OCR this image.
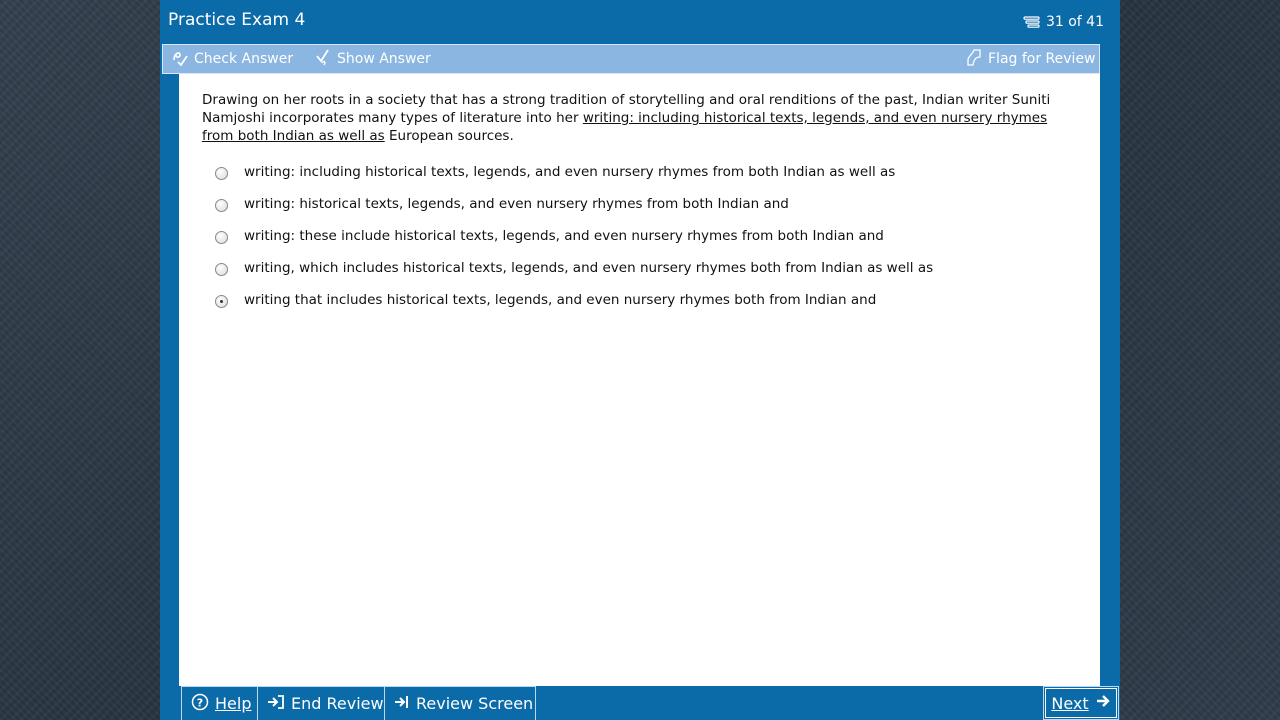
Practice Exam 4	31 of 41
Check Answer	Show Answer	Flag for Review
Drawing on her roots in a society that has a strong tradition of storytelling and oral renditions of the past, Indian writer Suniti Namjoshi incorporates many types of literature into her writing: including historical texts, legends, and even nursery rhymes from both Indian as well as European sources.
writing: including historical texts, legends, and even nursery rhymes from both Indian as well as
writing: historical texts, legends, and even nursery rhymes from both Indian and
writing: these include historical texts, legends, and even nursery rhymes from both Indian and
writing, which includes historical texts, legends, and even nursery rhymes both from Indian as well as
writing that includes historical texts, legends, and even nursery rhymes both from Indian and
? Help End Review Review Screen	Next
